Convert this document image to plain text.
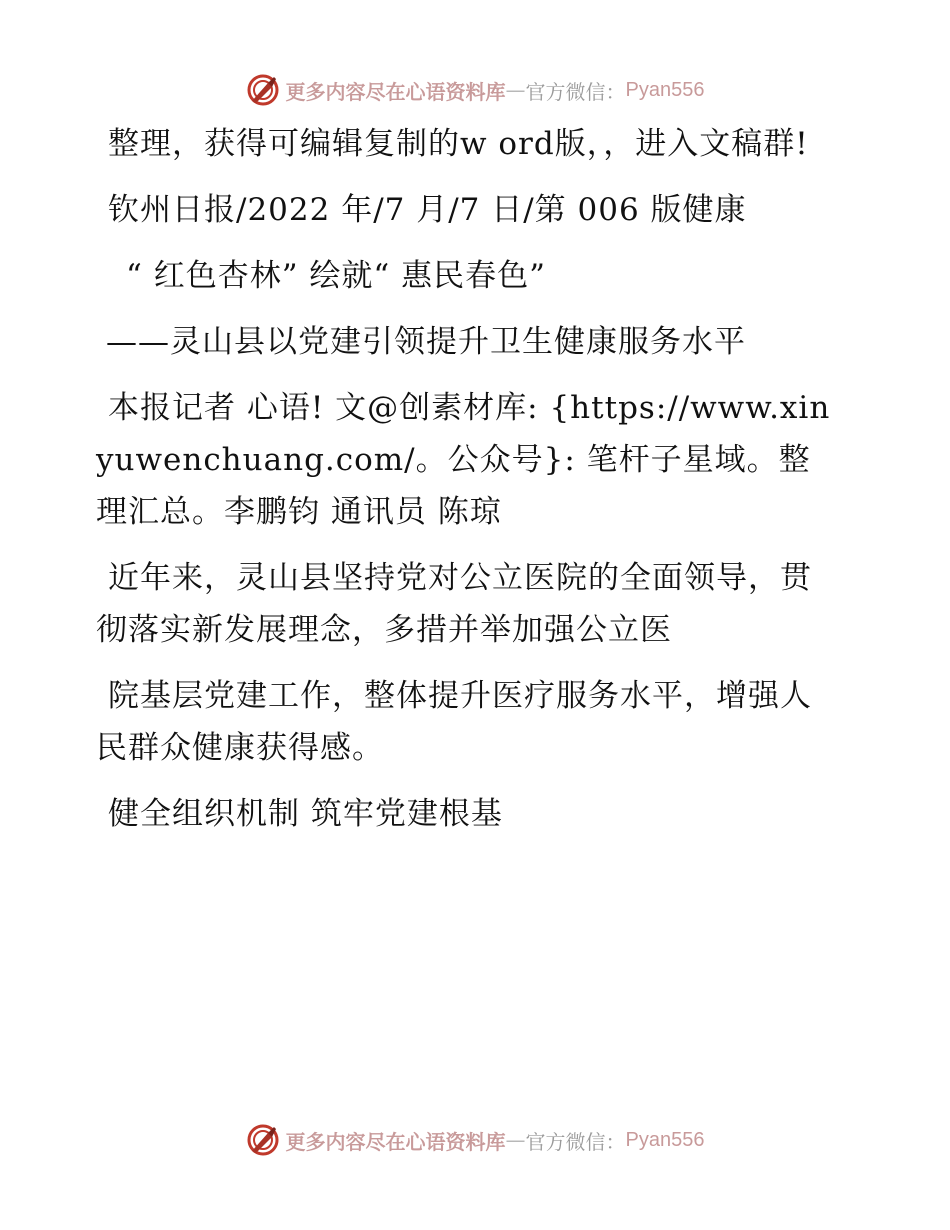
更多内容尽在心语资料库 — 官方微信： Pyan556

整理，获得可编辑复制的w ord版，，进入文稿群!

钦州日报/2022 年/7 月/7 日/第 006 版健康

“ 红色杏林” 绘就“ 惠民春色”

——灵山县以党建引领提升卫生健康服务水平

本报记者 心语! 文@创素材库: {https://www.xinyuwenchuang.com/。公众号}: 笔杆子星域。整理汇总。李鹏钧 通讯员 陈琼

近年来，灵山县坚持党对公立医院的全面领导，贯彻落实新发展理念，多措并举加强公立医

院基层党建工作，整体提升医疗服务水平，增强人民群众健康获得感。

健全组织机制 筑牢党建根基

更多内容尽在心语资料库 — 官方微信： Pyan556
